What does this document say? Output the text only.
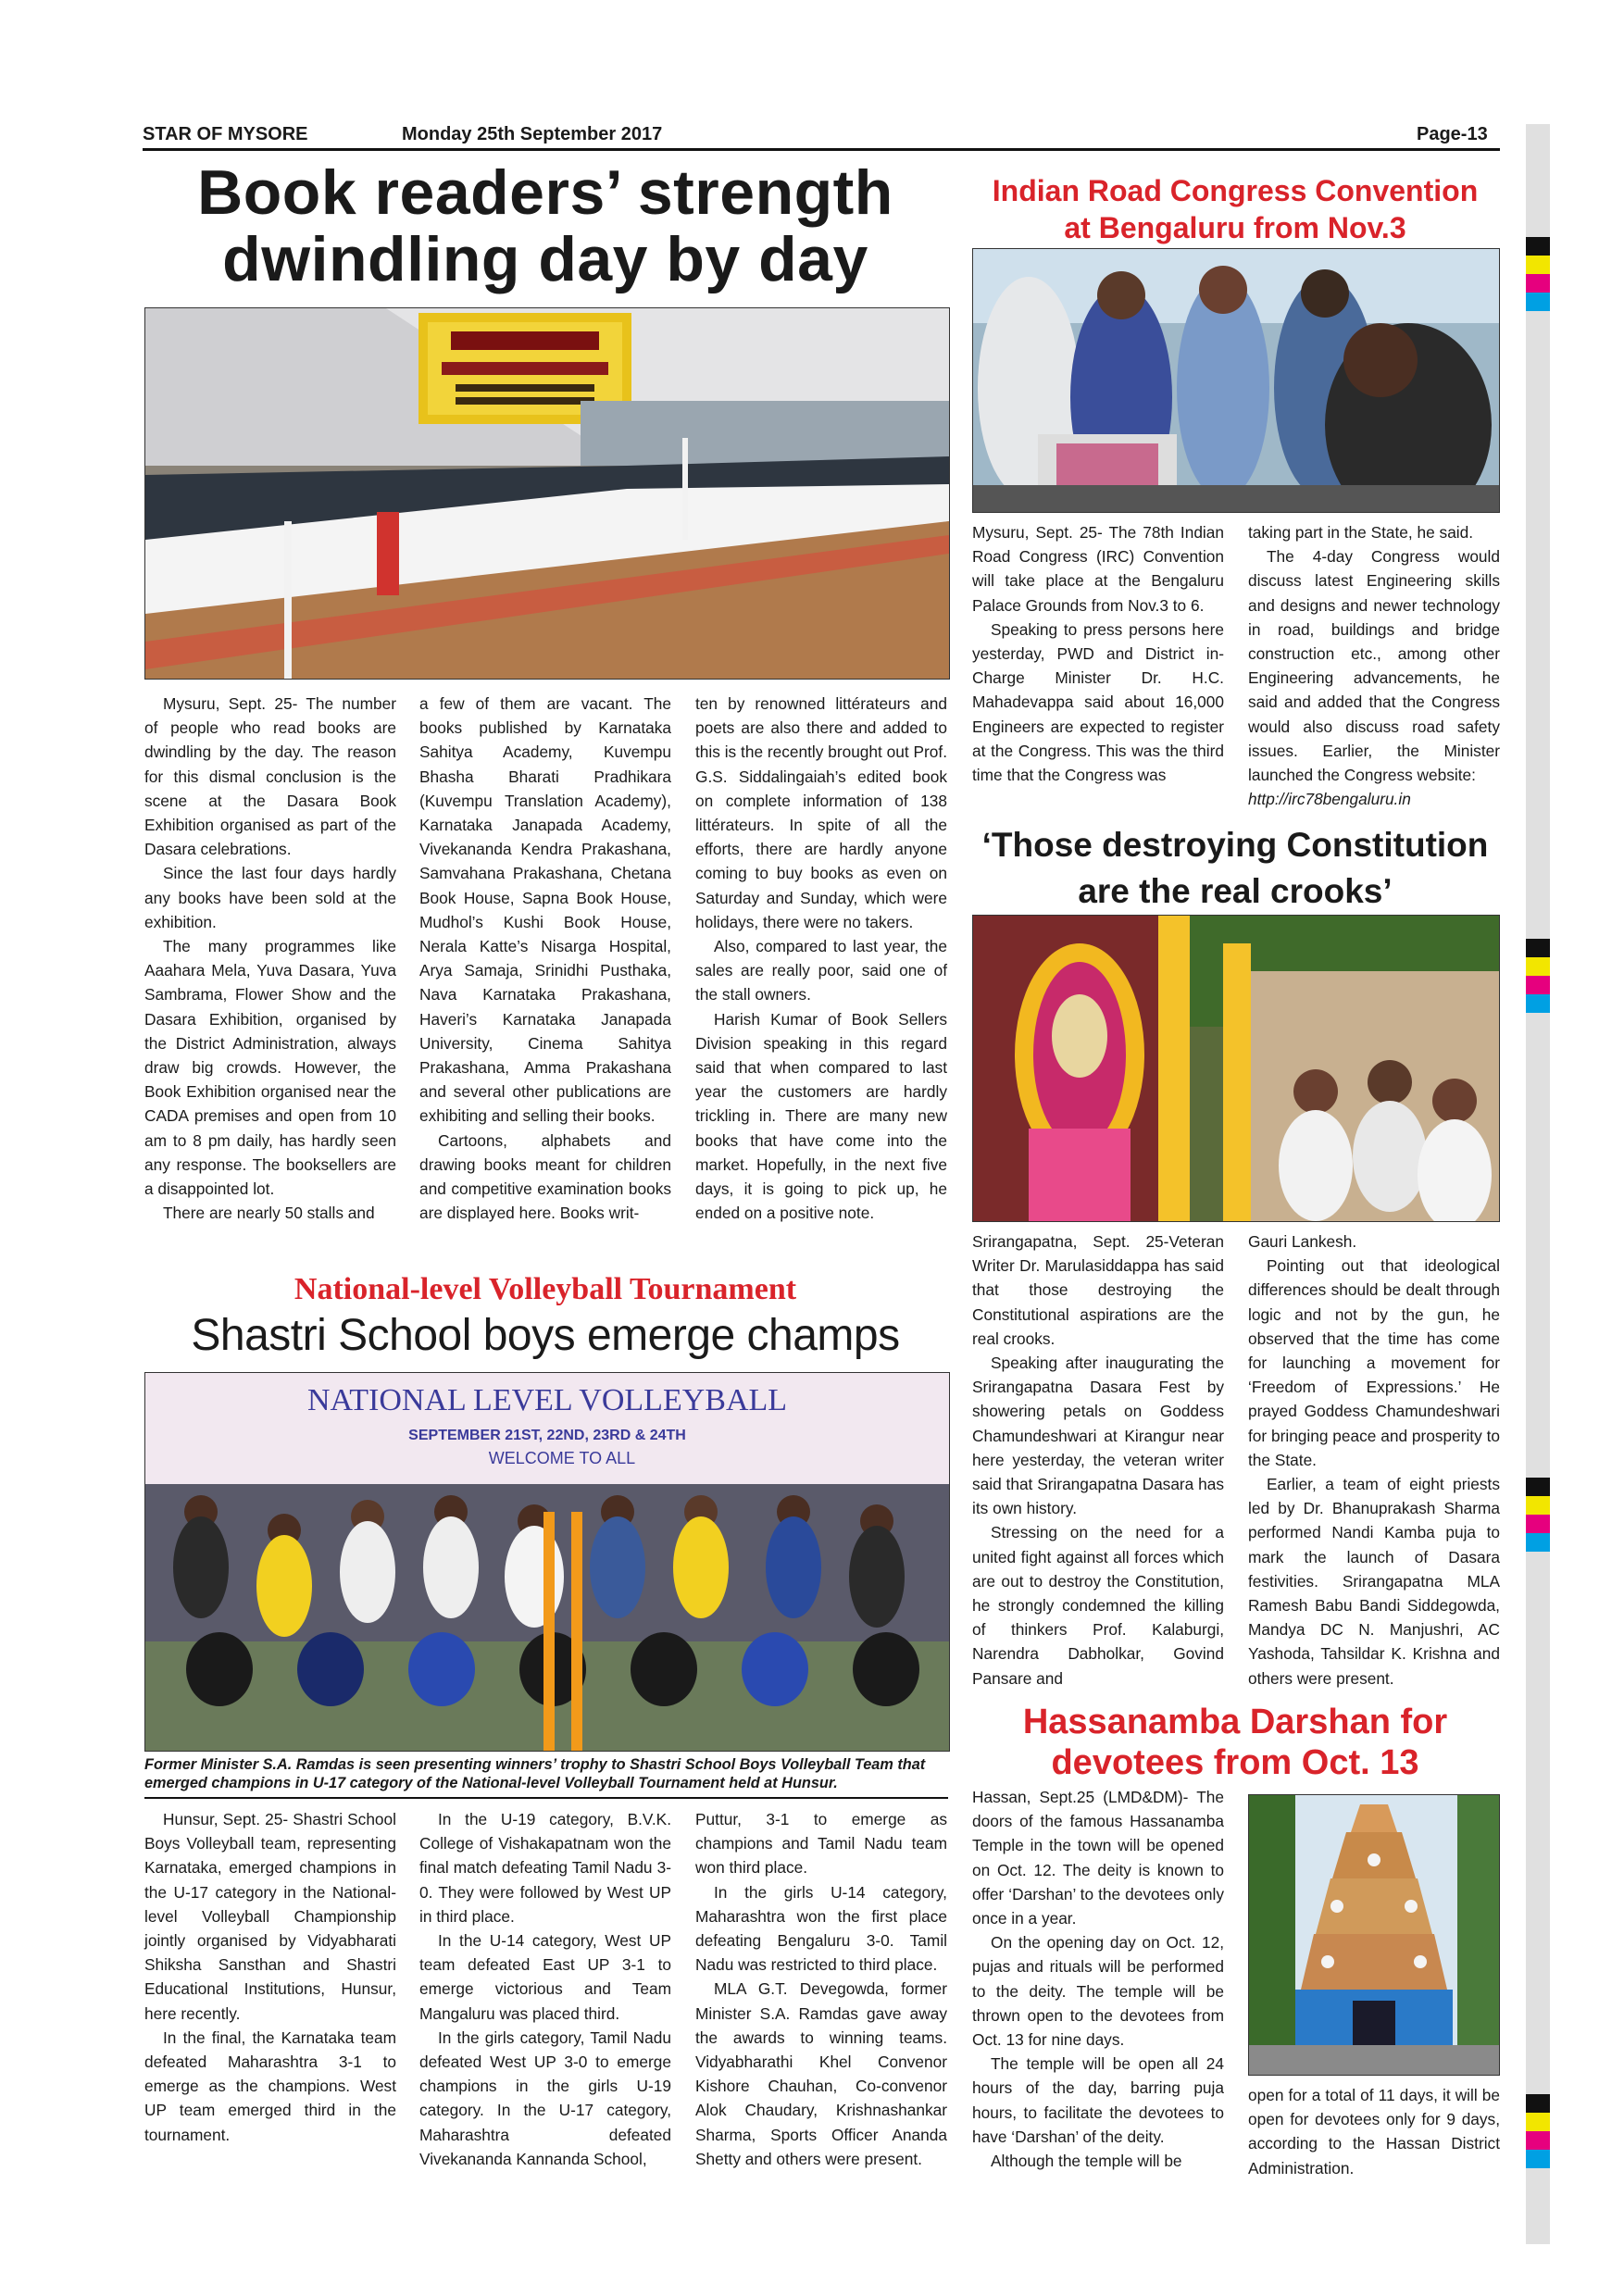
STAR OF MYSORE	Monday 25th September 2017	Page-13
Book readers’ strength
dwindling day by day

Mysuru, Sept. 25- The number of people who read books are dwindling by the day. The reason for this dismal conclusion is the scene at the Dasara Book Exhibition organised as part of the Dasara celebrations.

Since the last four days hardly any books have been sold at the exhibition.

The many programmes like Aaahara Mela, Yuva Dasara, Yuva Sambrama, Flower Show and the Dasara Exhibition, organised by the District Administration, always draw big crowds. However, the Book Exhibition organised near the CADA premises and open from 10 am to 8 pm daily, has hardly seen any response. The booksellers are a disappointed lot.

There are nearly 50 stalls and

a few of them are vacant. The books published by Karnataka Sahitya Academy, Kuvempu Bhasha Bharati Pradhikara (Kuvempu Translation Academy), Karnataka Janapada Academy, Vivekananda Kendra Prakashana, Samvahana Prakashana, Chetana Book House, Sapna Book House, Mudhol’s Kushi Book House, Nerala Katte’s Nisarga Hospital, Arya Samaja, Srinidhi Pusthaka, Nava Karnataka Prakashana, Haveri’s Karnataka Janapada University, Cinema Sahitya Prakashana, Amma Prakashana and several other publications are exhibiting and selling their books.

Cartoons, alphabets and drawing books meant for children and competitive examination books are displayed here. Books writ-

ten by renowned littérateurs and poets are also there and added to this is the recently brought out Prof. G.S. Siddalingaiah’s edited book on complete information of 138 littérateurs. In spite of all the efforts, there are hardly anyone coming to buy books as even on Saturday and Sunday, which were holidays, there were no takers.

Also, compared to last year, the sales are really poor, said one of the stall owners.

Harish Kumar of Book Sellers Division speaking in this regard said that when compared to last year the customers are hardly trickling in. There are many new books that have come into the market. Hopefully, in the next five days, it is going to pick up, he ended on a positive note.

Indian Road Congress Convention
at Bengaluru from Nov.3

Mysuru, Sept. 25- The 78th Indian Road Congress (IRC) Convention will take place at the Bengaluru Palace Grounds from Nov.3 to 6.

Speaking to press persons here yesterday, PWD and District in-Charge Minister Dr. H.C. Mahadevappa said about 16,000 Engineers are expected to register at the Congress. This was the third time that the Congress was

taking part in the State, he said.

The 4-day Congress would discuss latest Engineering skills and designs and newer technology in road, buildings and bridge construction etc., among other Engineering advancements, he said and added that the Congress would also discuss road safety issues. Earlier, the Minister launched the Congress website:

http://irc78bengaluru.in

‘Those destroying Constitution
are the real crooks’

Srirangapatna, Sept. 25-Veteran Writer Dr. Marulasiddappa has said that those destroying the Constitutional aspirations are the real crooks.

Speaking after inaugurating the Srirangapatna Dasara Fest by showering petals on Goddess Chamundeshwari at Kirangur near here yesterday, the veteran writer said that Srirangapatna Dasara has its own history.

Stressing on the need for a united fight against all forces which are out to destroy the Constitution, he strongly condemned the killing of thinkers Prof. Kalaburgi, Narendra Dabholkar, Govind Pansare and

Gauri Lankesh.

Pointing out that ideological differences should be dealt through logic and not by the gun, he observed that the time has come for launching a movement for ‘Freedom of Expressions.’ He prayed Goddess Chamundeshwari for bringing peace and prosperity to the State.

Earlier, a team of eight priests led by Dr. Bhanuprakash Sharma performed Nandi Kamba puja to mark the launch of Dasara festivities. Srirangapatna MLA Ramesh Babu Bandi Siddegowda, Mandya DC N. Manjushri, AC Yashoda, Tahsildar K. Krishna and others were present.

National-level Volleyball Tournament
Shastri School boys emerge champs
NATIONAL LEVEL VOLLEYBALL
SEPTEMBER 21ST, 22ND, 23RD & 24TH
WELCOME TO ALL
Former Minister S.A. Ramdas is seen presenting winners’ trophy to Shastri School Boys Volleyball Team that emerged champions in U-17 category of the National-level Volleyball Tournament held at Hunsur.

Hunsur, Sept. 25- Shastri School Boys Volleyball team, representing Karnataka, emerged champions in the U-17 category in the National-level Volleyball Championship jointly organised by Vidyabharati Shiksha Sansthan and Shastri Educational Institutions, Hunsur, here recently.

In the final, the Karnataka team defeated Maharashtra 3-1 to emerge as the champions. West UP team emerged third in the tournament.

In the U-19 category, B.V.K. College of Vishakapatnam won the final match defeating Tamil Nadu 3-0. They were followed by West UP in third place.

In the U-14 category, West UP team defeated East UP 3-1 to emerge victorious and Team Mangaluru was placed third.

In the girls category, Tamil Nadu defeated West UP 3-0 to emerge champions in the girls U-19 category. In the U-17 category, Maharashtra defeated Vivekananda Kannanda School,

Puttur, 3-1 to emerge as champions and Tamil Nadu team won third place.

In the girls U-14 category, Maharashtra won the first place defeating Bengaluru 3-0. Tamil Nadu was restricted to third place.

MLA G.T. Devegowda, former Minister S.A. Ramdas gave away the awards to winning teams. Vidyabharathi Khel Convenor Kishore Chauhan, Co-convenor Alok Chaudary, Krishnashankar Sharma, Sports Officer Ananda Shetty and others were present.

Hassanamba Darshan for
devotees from Oct. 13

Hassan, Sept.25 (LMD&DM)- The doors of the famous Hassanamba Temple in the town will be opened on Oct. 12. The deity is known to offer ‘Darshan’ to the devotees only once in a year.

On the opening day on Oct. 12, pujas and rituals will be performed to the deity. The temple will be thrown open to the devotees from Oct. 13 for nine days.

The temple will be open all 24 hours of the day, barring puja hours, to facilitate the devotees to have ‘Darshan’ of the deity.

Although the temple will be

open for a total of 11 days, it will be open for devotees only for 9 days, according to the Hassan District Administration.
